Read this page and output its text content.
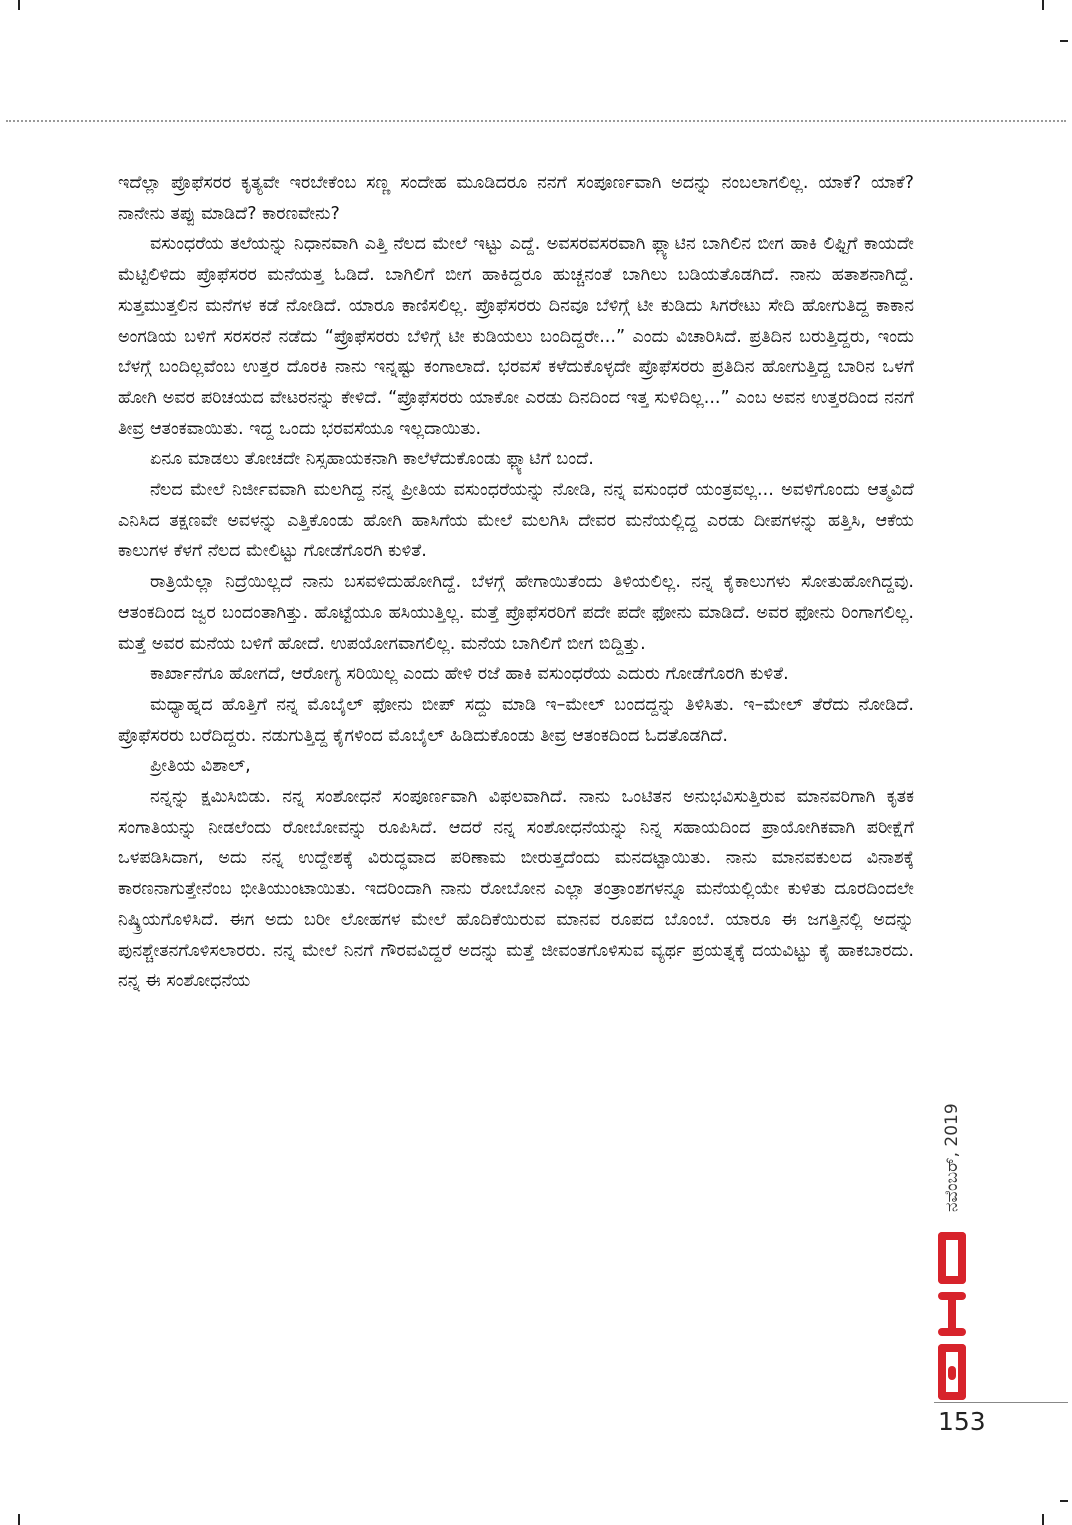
ಇದೆಲ್ಲಾ ಪ್ರೊಫೆಸರರ ಕೃತ್ಯವೇ ಇರಬೇಕೆಂಬ ಸಣ್ಣ ಸಂದೇಹ ಮೂಡಿದರೂ ನನಗೆ ಸಂಪೂರ್ಣವಾಗಿ ಅದನ್ನು ನಂಬಲಾಗಲಿಲ್ಲ. ಯಾಕೆ? ಯಾಕೆ? ನಾನೇನು ತಪ್ಪು ಮಾಡಿದೆ? ಕಾರಣವೇನು?

ವಸುಂಧರೆಯ ತಲೆಯನ್ನು ನಿಧಾನವಾಗಿ ಎತ್ತಿ ನೆಲದ ಮೇಲೆ ಇಟ್ಟು ಎದ್ದೆ. ಅವಸರವಸರವಾಗಿ ಫ್ಲ್ಯಾಟಿನ ಬಾಗಿಲಿನ ಬೀಗ ಹಾಕಿ ಲಿಫ್ಟಿಗೆ ಕಾಯದೇ ಮೆಟ್ಟಿಲಿಳಿದು ಪ್ರೊಫೆಸರರ ಮನೆಯತ್ತ ಓಡಿದೆ. ಬಾಗಿಲಿಗೆ ಬೀಗ ಹಾಕಿದ್ದರೂ ಹುಚ್ಚನಂತೆ ಬಾಗಿಲು ಬಡಿಯತೊಡಗಿದೆ. ನಾನು ಹತಾಶನಾಗಿದ್ದೆ. ಸುತ್ತಮುತ್ತಲಿನ ಮನೆಗಳ ಕಡೆ ನೋಡಿದೆ. ಯಾರೂ ಕಾಣಿಸಲಿಲ್ಲ. ಪ್ರೊಫೆಸರರು ದಿನವೂ ಬೆಳಿಗ್ಗೆ ಟೀ ಕುಡಿದು ಸಿಗರೇಟು ಸೇದಿ ಹೋಗುತಿದ್ದ ಕಾಕಾನ ಅಂಗಡಿಯ ಬಳಿಗೆ ಸರಸರನೆ ನಡೆದು “ಪ್ರೊಫೆಸರರು ಬೆಳಿಗ್ಗೆ ಟೀ ಕುಡಿಯಲು ಬಂದಿದ್ದರೇ...” ಎಂದು ವಿಚಾರಿಸಿದೆ. ಪ್ರತಿದಿನ ಬರುತ್ತಿದ್ದರು, ಇಂದು ಬೆಳಗ್ಗೆ ಬಂದಿಲ್ಲವೆಂಬ ಉತ್ತರ ದೊರಕಿ ನಾನು ಇನ್ನಷ್ಟು ಕಂಗಾಲಾದೆ. ಭರವಸೆ ಕಳೆದುಕೊಳ್ಳದೇ ಪ್ರೊಫೆಸರರು ಪ್ರತಿದಿನ ಹೋಗುತ್ತಿದ್ದ ಬಾರಿನ ಒಳಗೆ ಹೋಗಿ ಅವರ ಪರಿಚಯದ ವೇಟರನನ್ನು ಕೇಳಿದೆ. “ಪ್ರೊಫೆಸರರು ಯಾಕೋ ಎರಡು ದಿನದಿಂದ ಇತ್ತ ಸುಳಿದಿಲ್ಲ...” ಎಂಬ ಅವನ ಉತ್ತರದಿಂದ ನನಗೆ ತೀವ್ರ ಆತಂಕವಾಯಿತು. ಇದ್ದ ಒಂದು ಭರವಸೆಯೂ ಇಲ್ಲದಾಯಿತು.

ಏನೂ ಮಾಡಲು ತೋಚದೇ ನಿಸ್ಸಹಾಯಕನಾಗಿ ಕಾಲೆಳೆದುಕೊಂಡು ಫ್ಲ್ಯಾಟಿಗೆ ಬಂದೆ.

ನೆಲದ ಮೇಲೆ ನಿರ್ಜೀವವಾಗಿ ಮಲಗಿದ್ದ ನನ್ನ ಪ್ರೀತಿಯ ವಸುಂಧರೆಯನ್ನು ನೋಡಿ, ನನ್ನ ವಸುಂಧರೆ ಯಂತ್ರವಲ್ಲ... ಅವಳಿಗೊಂದು ಆತ್ಮವಿದೆ ಎನಿಸಿದ ತಕ್ಷಣವೇ ಅವಳನ್ನು ಎತ್ತಿಕೊಂಡು ಹೋಗಿ ಹಾಸಿಗೆಯ ಮೇಲೆ ಮಲಗಿಸಿ ದೇವರ ಮನೆಯಲ್ಲಿದ್ದ ಎರಡು ದೀಪಗಳನ್ನು ಹತ್ತಿಸಿ, ಆಕೆಯ ಕಾಲುಗಳ ಕೆಳಗೆ ನೆಲದ ಮೇಲಿಟ್ಟು ಗೋಡೆಗೊರಗಿ ಕುಳಿತೆ.

ರಾತ್ರಿಯೆಲ್ಲಾ ನಿದ್ರೆಯಿಲ್ಲದೆ ನಾನು ಬಸವಳಿದುಹೋಗಿದ್ದೆ. ಬೆಳಗ್ಗೆ ಹೇಗಾಯಿತೆಂದು ತಿಳಿಯಲಿಲ್ಲ. ನನ್ನ ಕೈಕಾಲುಗಳು ಸೋತುಹೋಗಿದ್ದವು. ಆತಂಕದಿಂದ ಜ್ವರ ಬಂದಂತಾಗಿತ್ತು. ಹೊಟ್ಟೆಯೂ ಹಸಿಯುತ್ತಿಲ್ಲ. ಮತ್ತೆ ಪ್ರೊಫೆಸರರಿಗೆ ಪದೇ ಪದೇ ಫೋನು ಮಾಡಿದೆ. ಅವರ ಫೋನು ರಿಂಗಾಗಲಿಲ್ಲ. ಮತ್ತೆ ಅವರ ಮನೆಯ ಬಳಿಗೆ ಹೋದೆ. ಉಪಯೋಗವಾಗಲಿಲ್ಲ. ಮನೆಯ ಬಾಗಿಲಿಗೆ ಬೀಗ ಬಿದ್ದಿತ್ತು.

ಕಾರ್ಖಾನೆಗೂ ಹೋಗದೆ, ಆರೋಗ್ಯ ಸರಿಯಿಲ್ಲ ಎಂದು ಹೇಳಿ ರಜೆ ಹಾಕಿ ವಸುಂಧರೆಯ ಎದುರು ಗೋಡೆಗೊರಗಿ ಕುಳಿತೆ.

ಮಧ್ಯಾಹ್ನದ ಹೊತ್ತಿಗೆ ನನ್ನ ಮೊಬೈಲ್ ಫೋನು ಬೀಪ್ ಸದ್ದು ಮಾಡಿ ಇ–ಮೇಲ್ ಬಂದದ್ದನ್ನು ತಿಳಿಸಿತು. ಇ–ಮೇಲ್ ತೆರೆದು ನೋಡಿದೆ. ಪ್ರೊಫೆಸರರು ಬರೆದಿದ್ದರು. ನಡುಗುತ್ತಿದ್ದ ಕೈಗಳಿಂದ ಮೊಬೈಲ್ ಹಿಡಿದುಕೊಂಡು ತೀವ್ರ ಆತಂಕದಿಂದ ಓದತೊಡಗಿದೆ.

ಪ್ರೀತಿಯ ವಿಶಾಲ್,

ನನ್ನನ್ನು ಕ್ಷಮಿಸಿಬಿಡು. ನನ್ನ ಸಂಶೋಧನೆ ಸಂಪೂರ್ಣವಾಗಿ ವಿಫಲವಾಗಿದೆ. ನಾನು ಒಂಟಿತನ ಅನುಭವಿಸುತ್ತಿರುವ ಮಾನವರಿಗಾಗಿ ಕೃತಕ ಸಂಗಾತಿಯನ್ನು ನೀಡಲೆಂದು ರೋಬೋವನ್ನು ರೂಪಿಸಿದೆ. ಆದರೆ ನನ್ನ ಸಂಶೋಧನೆಯನ್ನು ನಿನ್ನ ಸಹಾಯದಿಂದ ಪ್ರಾಯೋಗಿಕವಾಗಿ ಪರೀಕ್ಷೆಗೆ ಒಳಪಡಿಸಿದಾಗ, ಅದು ನನ್ನ ಉದ್ದೇಶಕ್ಕೆ ವಿರುದ್ಧವಾದ ಪರಿಣಾಮ ಬೀರುತ್ತದೆಂದು ಮನದಟ್ಟಾಯಿತು. ನಾನು ಮಾನವಕುಲದ ವಿನಾಶಕ್ಕೆ ಕಾರಣನಾಗುತ್ತೇನೆಂಬ ಭೀತಿಯುಂಟಾಯಿತು. ಇದರಿಂದಾಗಿ ನಾನು ರೋಬೋನ ಎಲ್ಲಾ ತಂತ್ರಾಂಶಗಳನ್ನೂ ಮನೆಯಲ್ಲಿಯೇ ಕುಳಿತು ದೂರದಿಂದಲೇ ನಿಷ್ಕ್ರಿಯಗೊಳಿಸಿದೆ. ಈಗ ಅದು ಬರೀ ಲೋಹಗಳ ಮೇಲೆ ಹೊದಿಕೆಯಿರುವ ಮಾನವ ರೂಪದ ಬೊಂಬೆ. ಯಾರೂ ಈ ಜಗತ್ತಿನಲ್ಲಿ ಅದನ್ನು ಪುನಶ್ಚೇತನಗೊಳಿಸಲಾರರು. ನನ್ನ ಮೇಲೆ ನಿನಗೆ ಗೌರವವಿದ್ದರೆ ಅದನ್ನು ಮತ್ತೆ ಜೀವಂತಗೊಳಿಸುವ ವ್ಯರ್ಥ ಪ್ರಯತ್ನಕ್ಕೆ ದಯವಿಟ್ಟು ಕೈ ಹಾಕಬಾರದು. ನನ್ನ ಈ ಸಂಶೋಧನೆಯ

ನವೆಂಬರ್, 2019
153
